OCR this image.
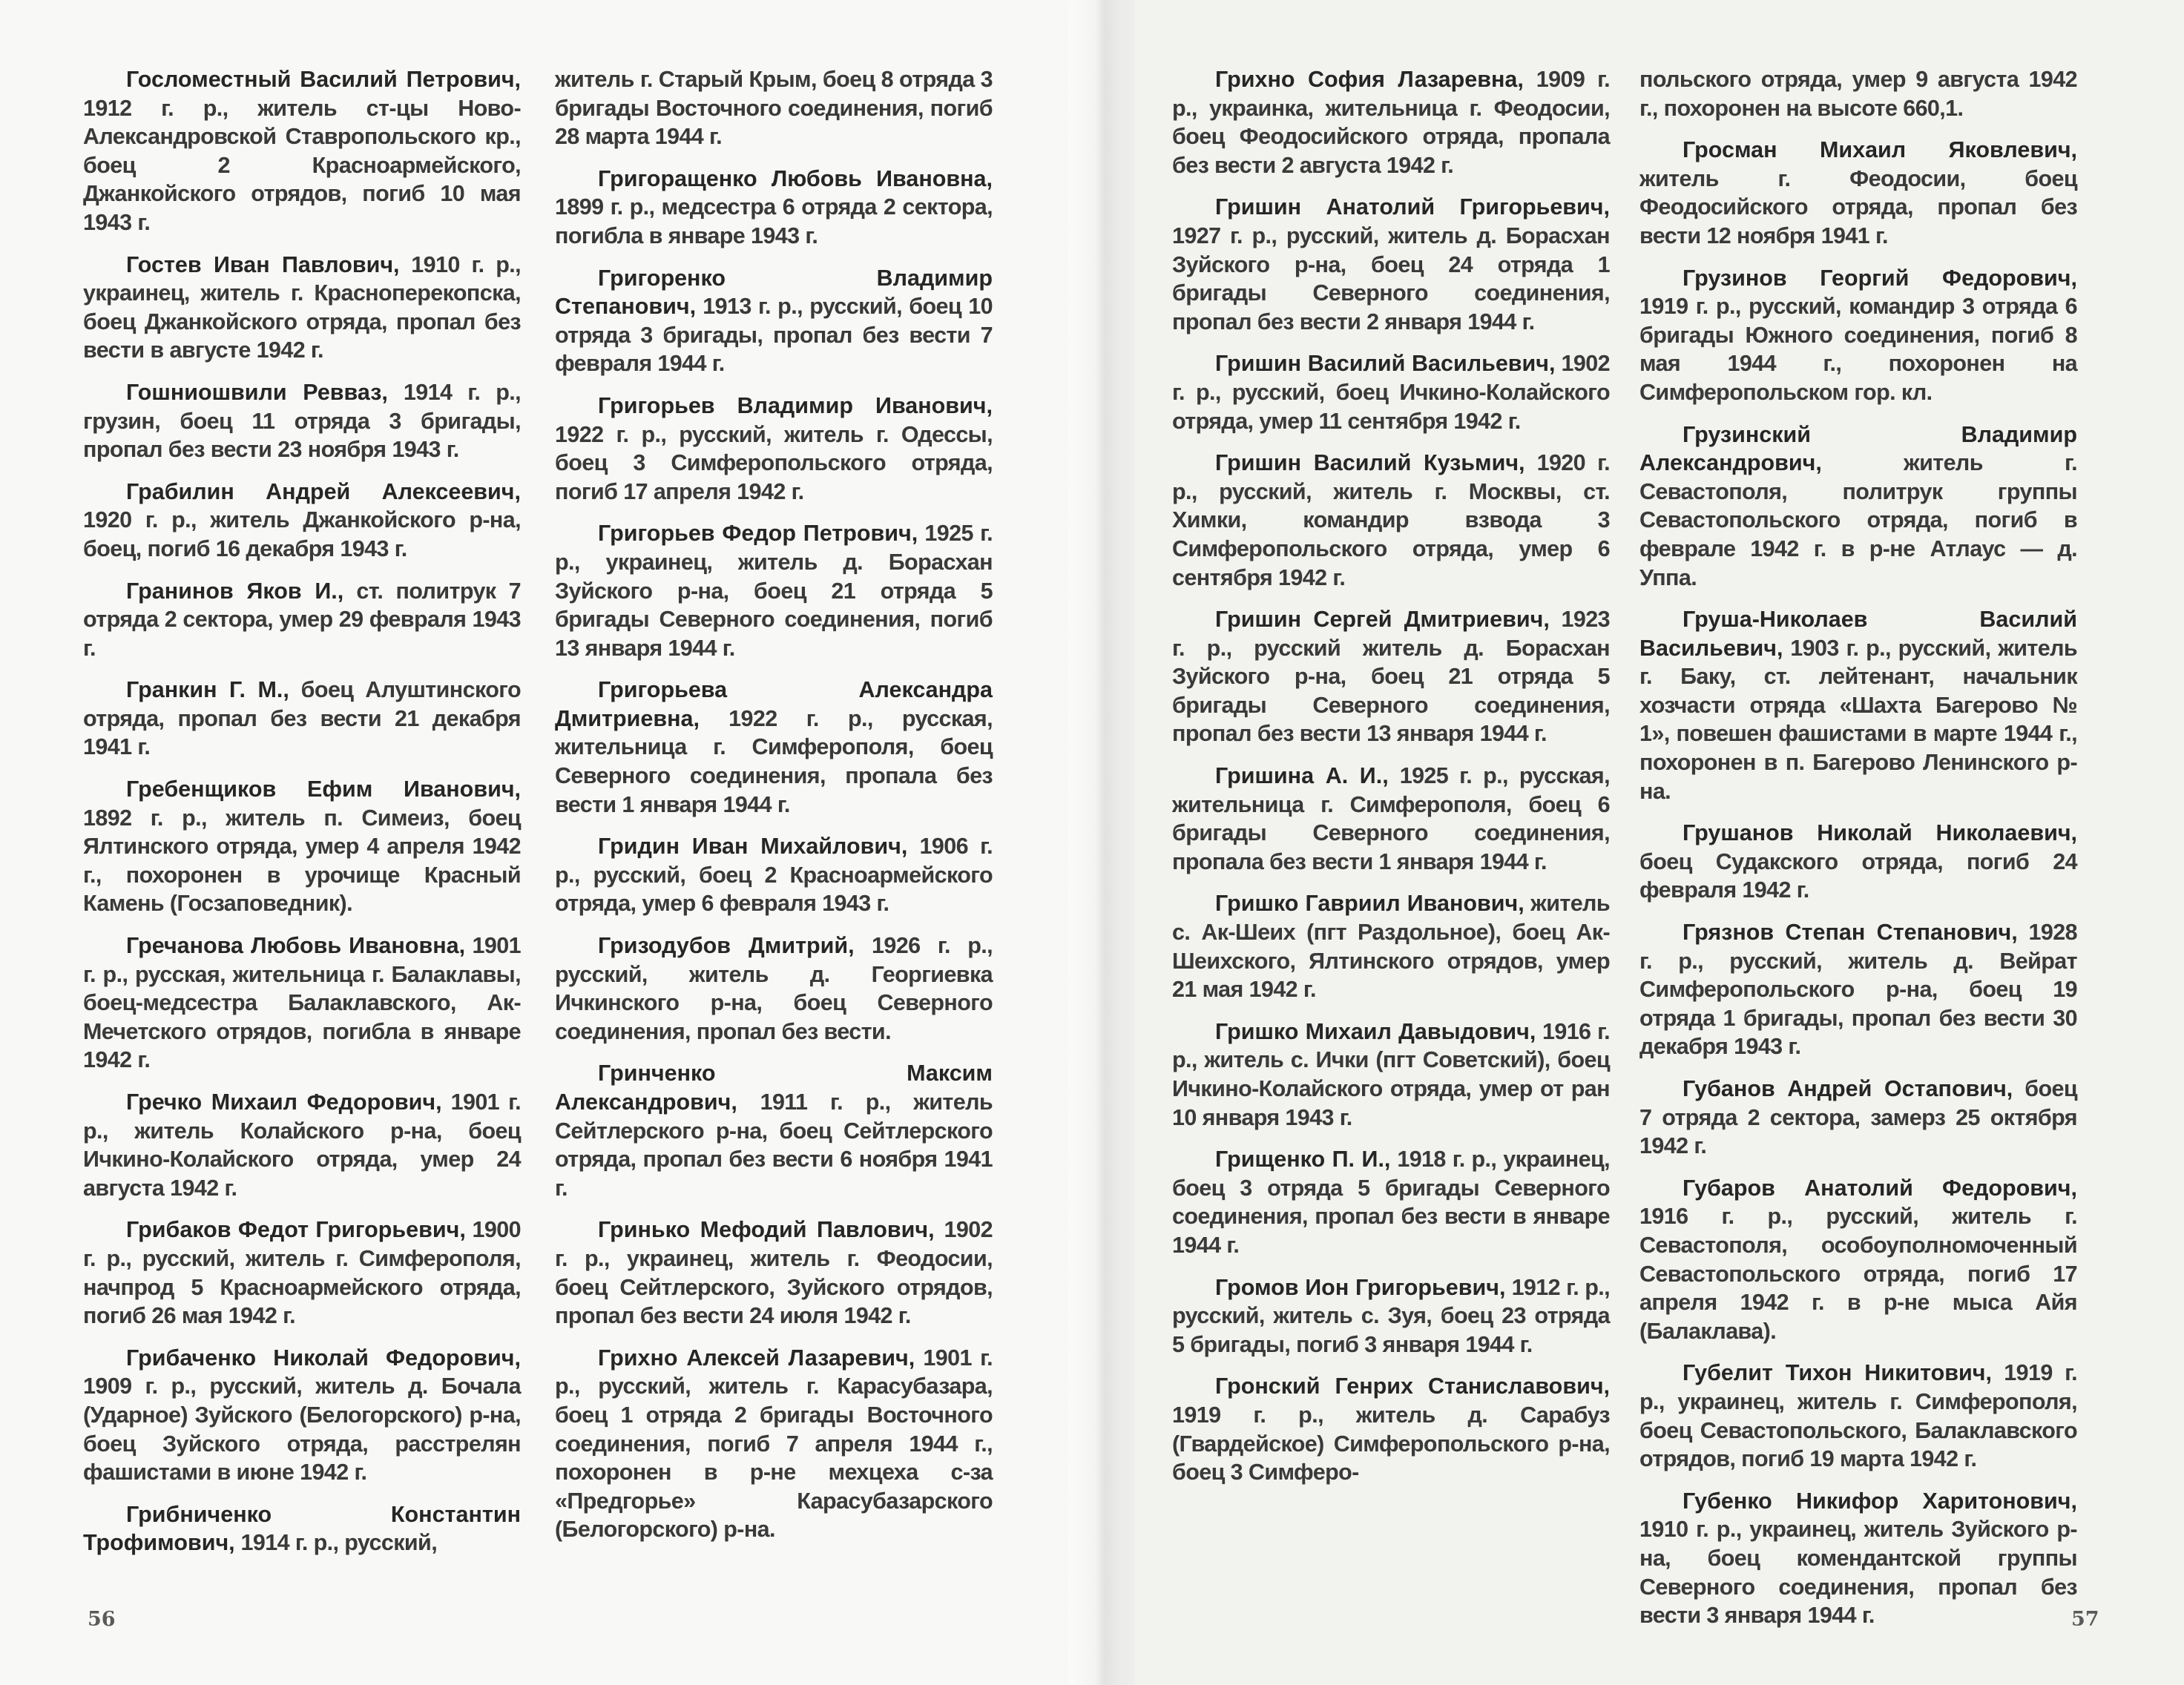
Госломестный Василий Петрович, 1912 г. р., житель ст-цы Ново-Александровской Ставропольского кр., боец 2 Красноармейского, Джанкойского отрядов, погиб 10 мая 1943 г.

Гостев Иван Павлович, 1910 г. р., украинец, житель г. Красноперекопска, боец Джанкойского отряда, пропал без вести в августе 1942 г.

Гошниошвили Ревваз, 1914 г. р., грузин, боец 11 отряда 3 бригады, пропал без вести 23 ноября 1943 г.

Грабилин Андрей Алексеевич, 1920 г. р., житель Джанкойского р-на, боец, погиб 16 декабря 1943 г.

Гранинов Яков И., ст. политрук 7 отряда 2 сектора, умер 29 февраля 1943 г.

Гранкин Г. М., боец Алуштинского отряда, пропал без вести 21 декабря 1941 г.

Гребенщиков Ефим Иванович, 1892 г. р., житель п. Симеиз, боец Ялтинского отряда, умер 4 апреля 1942 г., похоронен в урочище Красный Камень (Госзаповедник).

Гречанова Любовь Ивановна, 1901 г. р., русская, жительница г. Балаклавы, боец-медсестра Балаклавского, Ак-Мечетского отрядов, погибла в январе 1942 г.

Гречко Михаил Федорович, 1901 г. р., житель Колайского р-на, боец Ичкино-Колайского отряда, умер 24 августа 1942 г.

Грибаков Федот Григорьевич, 1900 г. р., русский, житель г. Симферополя, начпрод 5 Красноармейского отряда, погиб 26 мая 1942 г.

Грибаченко Николай Федорович, 1909 г. р., русский, житель д. Бочала (Ударное) Зуйского (Белогорского) р-на, боец Зуйского отряда, расстрелян фашистами в июне 1942 г.

Грибниченко Константин Трофимович, 1914 г. р., русский,

житель г. Старый Крым, боец 8 отряда 3 бригады Восточного соединения, погиб 28 марта 1944 г.

Григоращенко Любовь Ивановна, 1899 г. р., медсестра 6 отряда 2 сектора, погибла в январе 1943 г.

Григоренко Владимир Степанович, 1913 г. р., русский, боец 10 отряда 3 бригады, пропал без вести 7 февраля 1944 г.

Григорьев Владимир Иванович, 1922 г. р., русский, житель г. Одессы, боец 3 Симферопольского отряда, погиб 17 апреля 1942 г.

Григорьев Федор Петрович, 1925 г. р., украинец, житель д. Борасхан Зуйского р-на, боец 21 отряда 5 бригады Северного соединения, погиб 13 января 1944 г.

Григорьева Александра Дмитриевна, 1922 г. р., русская, жительница г. Симферополя, боец Северного соединения, пропала без вести 1 января 1944 г.

Гридин Иван Михайлович, 1906 г. р., русский, боец 2 Красноармейского отряда, умер 6 февраля 1943 г.

Гризодубов Дмитрий, 1926 г. р., русский, житель д. Георгиевка Ичкинского р-на, боец Северного соединения, пропал без вести.

Гринченко Максим Александрович, 1911 г. р., житель Сейтлерского р-на, боец Сейтлерского отряда, пропал без вести 6 ноября 1941 г.

Гринько Мефодий Павлович, 1902 г. р., украинец, житель г. Феодосии, боец Сейтлерского, Зуйского отрядов, пропал без вести 24 июля 1942 г.

Грихно Алексей Лазаревич, 1901 г. р., русский, житель г. Карасубазара, боец 1 отряда 2 бригады Восточного соединения, погиб 7 апреля 1944 г., похоронен в р-не мехцеха с-за «Предгорье» Карасубазарского (Белогорского) р-на.

56

Грихно София Лазаревна, 1909 г. р., украинка, жительница г. Феодосии, боец Феодосийского отряда, пропала без вести 2 августа 1942 г.

Гришин Анатолий Григорьевич, 1927 г. р., русский, житель д. Борасхан Зуйского р-на, боец 24 отряда 1 бригады Северного соединения, пропал без вести 2 января 1944 г.

Гришин Василий Васильевич, 1902 г. р., русский, боец Ичкино-Колайского отряда, умер 11 сентября 1942 г.

Гришин Василий Кузьмич, 1920 г. р., русский, житель г. Москвы, ст. Химки, командир взвода 3 Симферопольского отряда, умер 6 сентября 1942 г.

Гришин Сергей Дмитриевич, 1923 г. р., русский житель д. Борасхан Зуйского р-на, боец 21 отряда 5 бригады Северного соединения, пропал без вести 13 января 1944 г.

Гришина А. И., 1925 г. р., русская, жительница г. Симферополя, боец 6 бригады Северного соединения, пропала без вести 1 января 1944 г.

Гришко Гавриил Иванович, житель с. Ак-Шеих (пгт Раздольное), боец Ак-Шеихского, Ялтинского отрядов, умер 21 мая 1942 г.

Гришко Михаил Давыдович, 1916 г. р., житель с. Ички (пгт Советский), боец Ичкино-Колайского отряда, умер от ран 10 января 1943 г.

Грищенко П. И., 1918 г. р., украинец, боец 3 отряда 5 бригады Северного соединения, пропал без вести в январе 1944 г.

Громов Ион Григорьевич, 1912 г. р., русский, житель с. Зуя, боец 23 отряда 5 бригады, погиб 3 января 1944 г.

Гронский Генрих Станиславович, 1919 г. р., житель д. Сарабуз (Гвардейское) Симферопольского р-на, боец 3 Симферо-

польского отряда, умер 9 августа 1942 г., похоронен на высоте 660,1.

Гросман Михаил Яковлевич, житель г. Феодосии, боец Феодосийского отряда, пропал без вести 12 ноября 1941 г.

Грузинов Георгий Федорович, 1919 г. р., русский, командир 3 отряда 6 бригады Южного соединения, погиб 8 мая 1944 г., похоронен на Симферопольском гор. кл.

Грузинский Владимир Александрович, житель г. Севастополя, политрук группы Севастопольского отряда, погиб в феврале 1942 г. в р-не Атлаус — д. Уппа.

Груша-Николаев Василий Васильевич, 1903 г. р., русский, житель г. Баку, ст. лейтенант, начальник хозчасти отряда «Шахта Багерово № 1», повешен фашистами в марте 1944 г., похоронен в п. Багерово Ленинского р-на.

Грушанов Николай Николаевич, боец Судакского отряда, погиб 24 февраля 1942 г.

Грязнов Степан Степанович, 1928 г. р., русский, житель д. Вейрат Симферопольского р-на, боец 19 отряда 1 бригады, пропал без вести 30 декабря 1943 г.

Губанов Андрей Остапович, боец 7 отряда 2 сектора, замерз 25 октября 1942 г.

Губаров Анатолий Федорович, 1916 г. р., русский, житель г. Севастополя, особоуполномоченный Севастопольского отряда, погиб 17 апреля 1942 г. в р-не мыса Айя (Балаклава).

Губелит Тихон Никитович, 1919 г. р., украинец, житель г. Симферополя, боец Севастопольского, Балаклавского отрядов, погиб 19 марта 1942 г.

Губенко Никифор Харитонович, 1910 г. р., украинец, житель Зуйского р-на, боец комендантской группы Северного соединения, пропал без вести 3 января 1944 г.	57
